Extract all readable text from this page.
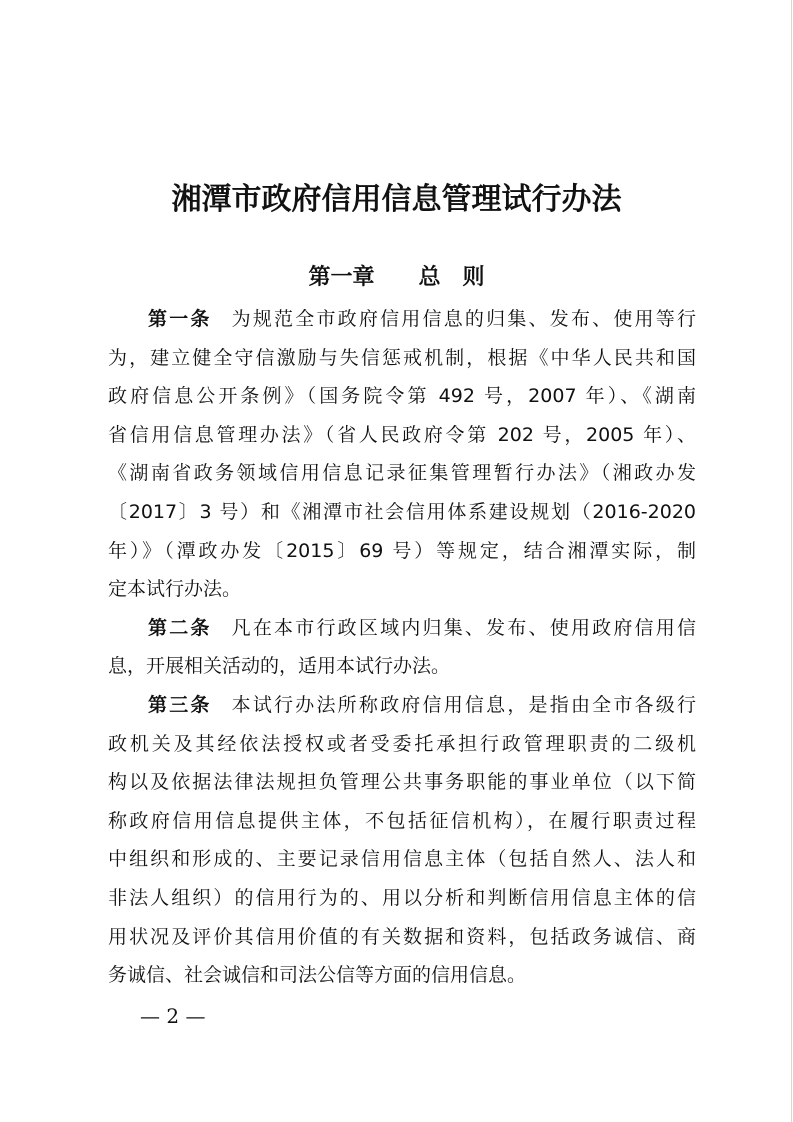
湘潭市政府信用信息管理试行办法
第一章　　总　则
第一条 为规范全市政府信用信息的归集、发布、使用等行
为，建立健全守信激励与失信惩戒机制，根据《中华人民共和国
政府信息公开条例》（国务院令第 492 号，2007 年）、《湖南
省信用信息管理办法》（省人民政府令第 202 号，2005 年）、
《湖南省政务领域信用信息记录征集管理暂行办法》（湘政办发
〔2017〕3 号）和《湘潭市社会信用体系建设规划（2016-2020
年）》（潭政办发〔2015〕69 号）等规定，结合湘潭实际，制
定本试行办法。
第二条 凡在本市行政区域内归集、发布、使用政府信用信
息，开展相关活动的，适用本试行办法。
第三条 本试行办法所称政府信用信息，是指由全市各级行
政机关及其经依法授权或者受委托承担行政管理职责的二级机
构以及依据法律法规担负管理公共事务职能的事业单位（以下简
称政府信用信息提供主体，不包括征信机构），在履行职责过程
中组织和形成的、主要记录信用信息主体（包括自然人、法人和
非法人组织）的信用行为的、用以分析和判断信用信息主体的信
用状况及评价其信用价值的有关数据和资料，包括政务诚信、商
务诚信、社会诚信和司法公信等方面的信用信息。
— 2 —
